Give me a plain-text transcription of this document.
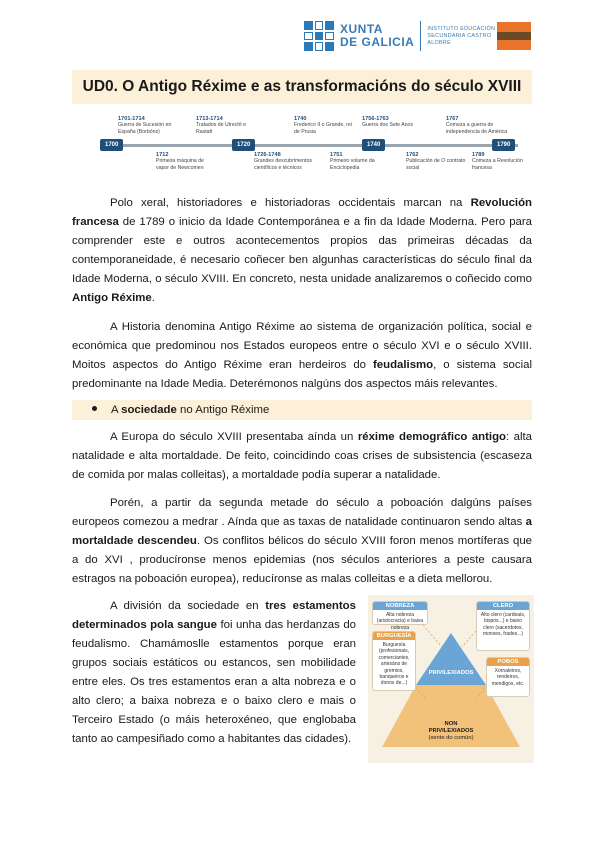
XUNTA
DE GALICIA
INSTITUTO EDUCACIÓN
SECUNDARIA CASTRO
ALOBRE
UD0. O Antigo Réxime e as transformacións do século XVIII
1700	1720	1740	1790
1701-1714
Guerra de Sucesión en España (Borbóns)
1713-1714
Tratados de Utrecht e Rastatt
1740
Frederico II o Grande, rei de Prusia
1756-1763
Guerra dos Sete Anos
1767
Comeza a guerra de independencia de América
1712
Primeira máquina de vapor de Newcomen
1726-1748
Grandes descubrimentos científicos e técnicos
1751
Primeiro volume da Enciclopedia
1762
Publicación de O contrato social
1789
Comeza a Revolución francesa

Polo xeral, historiadores e historiadoras occidentais marcan na Revolución francesa de 1789 o inicio da Idade Contemporánea e a fin da Idade Moderna. Pero para comprender este e outros acontecementos propios das primeiras décadas da contemporaneidade, é necesario coñecer ben algunhas características do século final da Idade Moderna, o século XVIII. En concreto, nesta unidade analizaremos o coñecido como Antigo Réxime.

A Historia denomina Antigo Réxime ao sistema de organización política, social e económica que predominou nos Estados europeos entre o século XVI e o século XVIII. Moitos aspectos do Antigo Réxime eran herdeiros do feudalismo, o sistema social predominante na Idade Media. Deterémonos nalgúns dos aspectos máis relevantes.

A sociedade no Antigo Réxime

A Europa do século XVIII presentaba aínda un réxime demográfico antigo: alta natalidade e alta mortaldade. De feito, coincidindo coas crises de subsistencia (escaseza de comida por malas colleitas), a mortaldade podía superar a natalidade.

Porén, a partir da segunda metade do século a poboación dalgúns países europeos comezou a medrar . Aínda que as taxas de natalidade continuaron sendo altas a mortaldade descendeu. Os conflitos bélicos do século XVIII foron menos mortíferas que a do XVI , producíronse menos epidemias (nos séculos anteriores a peste causara estragos na poboación europea), reducíronse as malas colleitas e a dieta mellorou.

A división da sociedade en tres estamentos determinados pola sangue foi unha das herdanzas do feudalismo. Chamámoslle estamentos porque eran grupos sociais estáticos ou estancos, sen mobilidade entre eles. Os tres estamentos eran a alta nobreza e o alto clero; a baixa nobreza e o baixo clero e mais o Terceiro Estado (o máis heteroxéneo, que englobaba tanto ao campesiñado como a habitantes das cidades).

PRIVILEXIADOS
NON
PRIVILEXIADOS
(xente do común)
NOBREZA
Alta nobreza (aristocracia) e baixa nobreza
CLERO
Alto clero (cardeais, bispos...) e baixo clero (sacerdotes, monxes, frades...)
BURGUESÍA
Burguesía (profesionais, comerciantes, artesáns de gremios, banqueiros e donos de...)
POBOS
Xornaleiros, rendeiros, mendigos, etc.
